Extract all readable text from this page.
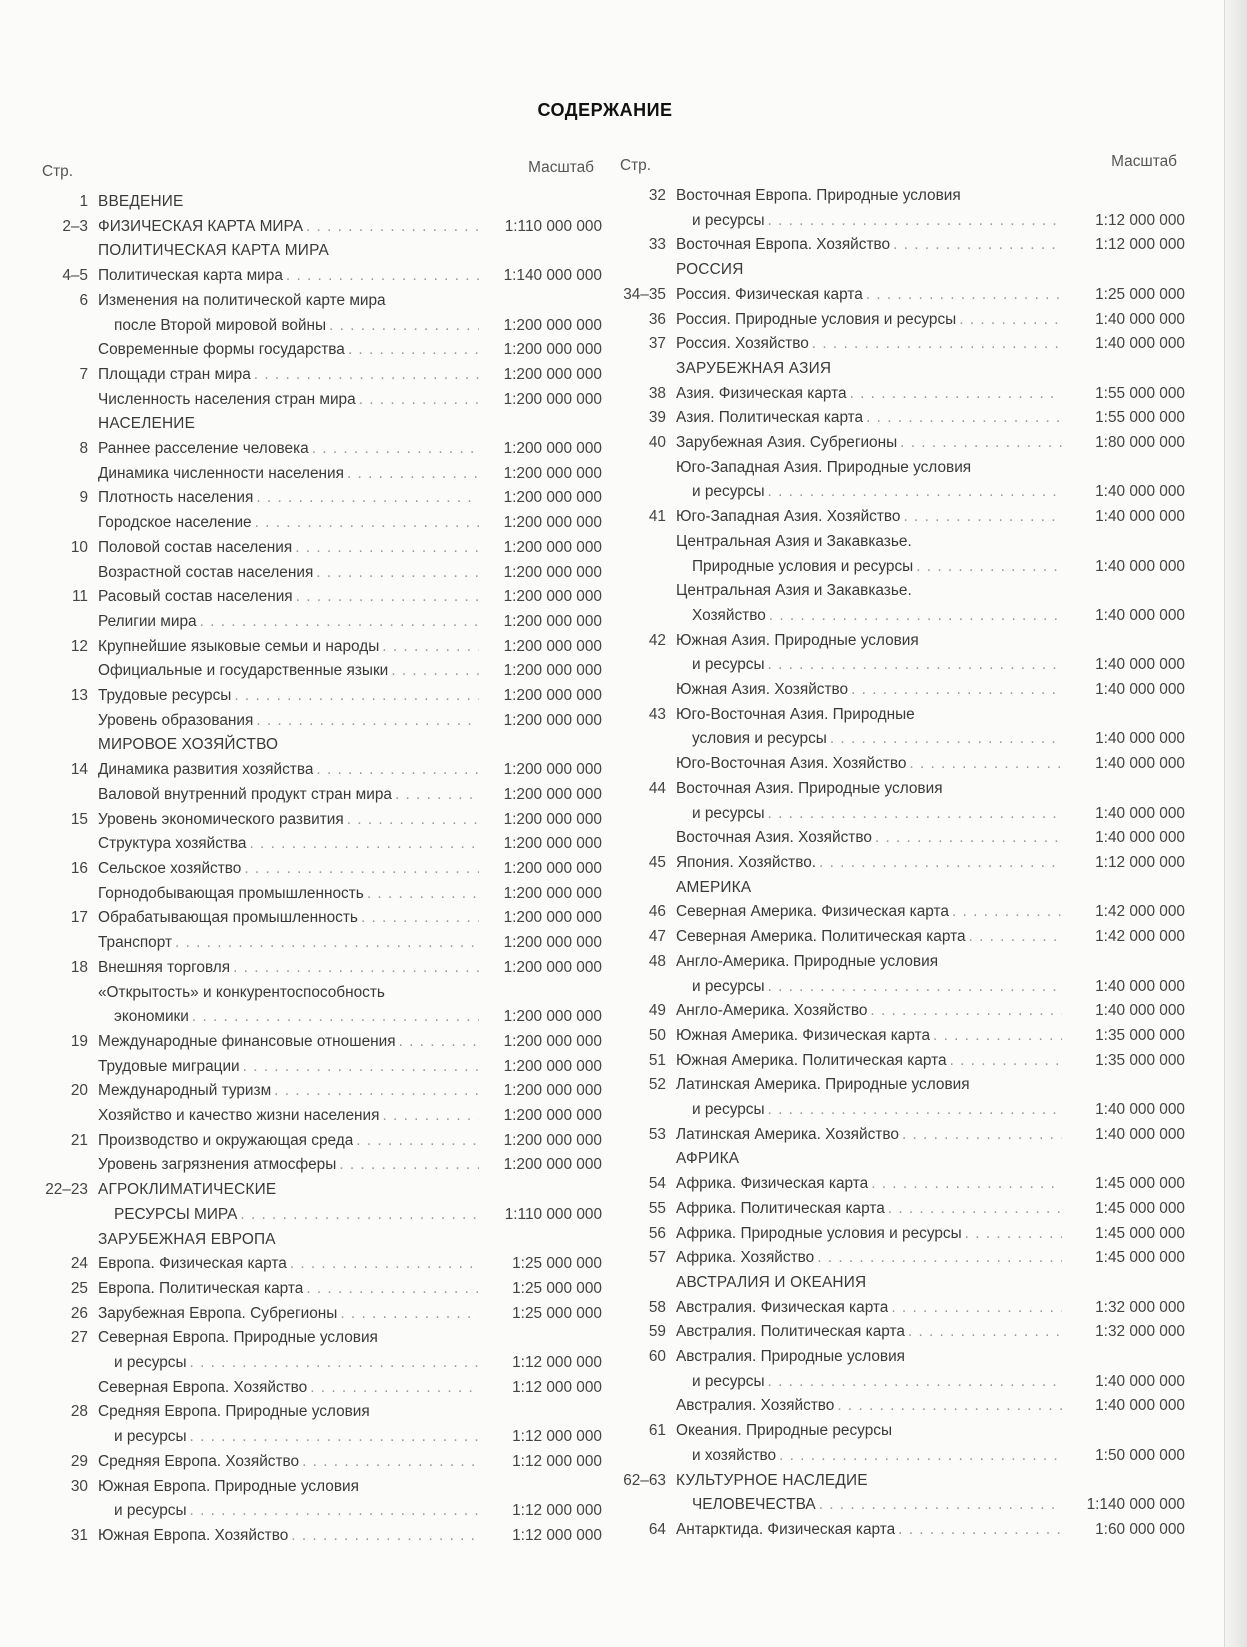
СОДЕРЖАНИЕ
Стр.	Масштаб
1 ВВЕДЕНИЕ
2–3 ФИЗИЧЕСКАЯ КАРТА МИРА . . .	1:110 000 000
ПОЛИТИЧЕСКАЯ КАРТА МИРА
4–5 Политическая карта мира . . .	1:140 000 000
6 Изменения на политической карте мира
после Второй мировой войны . . .	1:200 000 000
Современные формы государства . . .	1:200 000 000
7 Площади стран мира . . .	1:200 000 000
Численность населения стран мира . . .	1:200 000 000
НАСЕЛЕНИЕ
8 Раннее расселение человека . . .	1:200 000 000
Динамика численности населения . . .	1:200 000 000
9 Плотность населения . . .	1:200 000 000
Городское население . . .	1:200 000 000
10 Половой состав населения . . .	1:200 000 000
Возрастной состав населения . . .	1:200 000 000
11 Расовый состав населения . . .	1:200 000 000
Религии мира . . .	1:200 000 000
12 Крупнейшие языковые семьи и народы . . .	1:200 000 000
Официальные и государственные языки . . .	1:200 000 000
13 Трудовые ресурсы . . .	1:200 000 000
Уровень образования . . .	1:200 000 000
МИРОВОЕ ХОЗЯЙСТВО
14 Динамика развития хозяйства . . .	1:200 000 000
Валовой внутренний продукт стран мира . . .	1:200 000 000
15 Уровень экономического развития . . .	1:200 000 000
Структура хозяйства . . .	1:200 000 000
16 Сельское хозяйство . . .	1:200 000 000
Горнодобывающая промышленность . . .	1:200 000 000
17 Обрабатывающая промышленность . . .	1:200 000 000
Транспорт . . .	1:200 000 000
18 Внешняя торговля . . .	1:200 000 000
«Открытость» и конкурентоспособность
экономики . . .	1:200 000 000
19 Международные финансовые отношения . . .	1:200 000 000
Трудовые миграции . . .	1:200 000 000
20 Международный туризм . . .	1:200 000 000
Хозяйство и качество жизни населения . . .	1:200 000 000
21 Производство и окружающая среда . . .	1:200 000 000
Уровень загрязнения атмосферы . . .	1:200 000 000
22–23 АГРОКЛИМАТИЧЕСКИЕ
РЕСУРСЫ МИРА . . .	1:110 000 000
ЗАРУБЕЖНАЯ ЕВРОПА
24 Европа. Физическая карта . . .	1:25 000 000
25 Европа. Политическая карта . . .	1:25 000 000
26 Зарубежная Европа. Субрегионы . . .	1:25 000 000
27 Северная Европа. Природные условия
и ресурсы . . .	1:12 000 000
Северная Европа. Хозяйство . . .	1:12 000 000
28 Средняя Европа. Природные условия
и ресурсы . . .	1:12 000 000
29 Средняя Европа. Хозяйство . . .	1:12 000 000
30 Южная Европа. Природные условия
и ресурсы . . .	1:12 000 000
31 Южная Европа. Хозяйство . . .	1:12 000 000
Стр.	Масштаб
32 Восточная Европа. Природные условия
и ресурсы . . .	1:12 000 000
33 Восточная Европа. Хозяйство . . .	1:12 000 000
РОССИЯ
34–35 Россия. Физическая карта . . .	1:25 000 000
36 Россия. Природные условия и ресурсы . . .	1:40 000 000
37 Россия. Хозяйство . . .	1:40 000 000
ЗАРУБЕЖНАЯ АЗИЯ
38 Азия. Физическая карта . . .	1:55 000 000
39 Азия. Политическая карта . . .	1:55 000 000
40 Зарубежная Азия. Субрегионы . . .	1:80 000 000
Юго-Западная Азия. Природные условия
и ресурсы . . .	1:40 000 000
41 Юго-Западная Азия. Хозяйство . . .	1:40 000 000
Центральная Азия и Закавказье.
Природные условия и ресурсы . . .	1:40 000 000
Центральная Азия и Закавказье.
Хозяйство . . .	1:40 000 000
42 Южная Азия. Природные условия
и ресурсы . . .	1:40 000 000
Южная Азия. Хозяйство . . .	1:40 000 000
43 Юго-Восточная Азия. Природные
условия и ресурсы . . .	1:40 000 000
Юго-Восточная Азия. Хозяйство . . .	1:40 000 000
44 Восточная Азия. Природные условия
и ресурсы . . .	1:40 000 000
Восточная Азия. Хозяйство . . .	1:40 000 000
45 Япония. Хозяйство. . . .	1:12 000 000
АМЕРИКА
46 Северная Америка. Физическая карта . . .	1:42 000 000
47 Северная Америка. Политическая карта . . .	1:42 000 000
48 Англо-Америка. Природные условия
и ресурсы . . .	1:40 000 000
49 Англо-Америка. Хозяйство . . .	1:40 000 000
50 Южная Америка. Физическая карта . . .	1:35 000 000
51 Южная Америка. Политическая карта . . .	1:35 000 000
52 Латинская Америка. Природные условия
и ресурсы . . .	1:40 000 000
53 Латинская Америка. Хозяйство . . .	1:40 000 000
АФРИКА
54 Африка. Физическая карта . . .	1:45 000 000
55 Африка. Политическая карта . . .	1:45 000 000
56 Африка. Природные условия и ресурсы . . .	1:45 000 000
57 Африка. Хозяйство . . .	1:45 000 000
АВСТРАЛИЯ И ОКЕАНИЯ
58 Австралия. Физическая карта . . .	1:32 000 000
59 Австралия. Политическая карта . . .	1:32 000 000
60 Австралия. Природные условия
и ресурсы . . .	1:40 000 000
Австралия. Хозяйство . . .	1:40 000 000
61 Океания. Природные ресурсы
и хозяйство . . .	1:50 000 000
62–63 КУЛЬТУРНОЕ НАСЛЕДИЕ
ЧЕЛОВЕЧЕСТВА . . .	1:140 000 000
64 Антарктида. Физическая карта . . .	1:60 000 000
